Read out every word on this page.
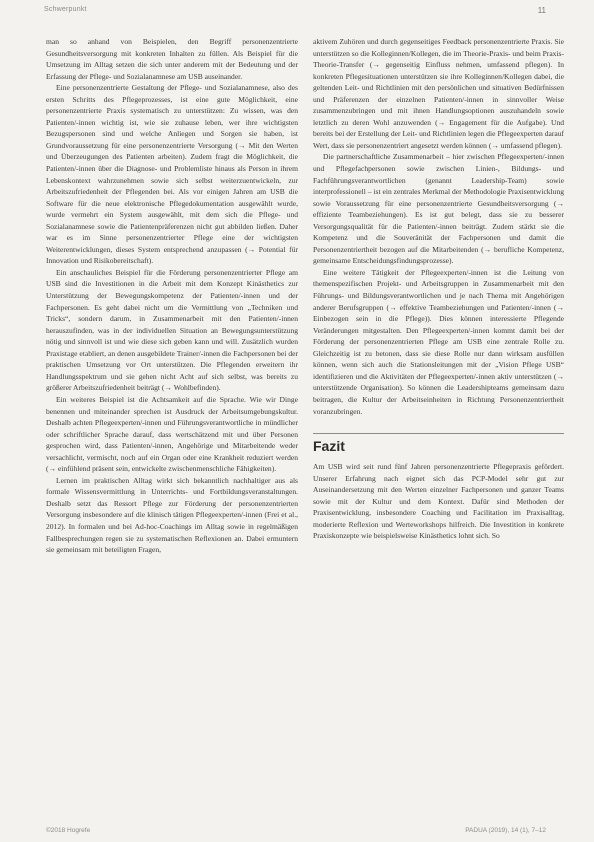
Schwerpunkt	11

man so anhand von Beispielen, den Begriff personenzentrierte Gesundheitsversorgung mit konkreten Inhalten zu füllen. Als Beispiel für die Umsetzung im Alltag setzen die sich unter anderem mit der Bedeutung und der Erfassung der Pflege- und Sozialanamnese am USB auseinander.

Eine personenzentrierte Gestaltung der Pflege- und Sozialanamnese, also des ersten Schritts des Pflegeprozesses, ist eine gute Möglichkeit, eine personenzentrierte Praxis systematisch zu unterstützen: Zu wissen, was den Patienten/-innen wichtig ist, wie sie zuhause leben, wer ihre wichtigsten Bezugspersonen sind und welche Anliegen und Sorgen sie haben, ist Grundvoraussetzung für eine personenzentrierte Versorgung (→ Mit den Werten und Überzeugungen des Patienten arbeiten). Zudem fragt die Möglichkeit, die Patienten/-innen über die Diagnose- und Problemliste hinaus als Person in ihrem Lebenskontext wahrzunehmen sowie sich selbst weiterzuentwickeln, zur Arbeitszufriedenheit der Pflegenden bei. Als vor einigen Jahren am USB die Software für die neue elektronische Pflegedokumentation ausgewählt wurde, wurde vermehrt ein System ausgewählt, mit dem sich die Pflege- und Sozialanamnese sowie die Patientenpräferenzen nicht gut abbilden ließen. Daher war es im Sinne personenzentrierter Pflege eine der wichtigsten Weiterentwicklungen, dieses System entsprechend anzupassen (→ Potential für Innovation und Risikobereitschaft).

Ein anschauliches Beispiel für die Förderung personenzentrierter Pflege am USB sind die Investitionen in die Arbeit mit dem Konzept Kinästhetics zur Unterstützung der Bewegungskompetenz der Patienten/-innen und der Fachpersonen. Es geht dabei nicht um die Vermittlung von „Techniken und Tricks“, sondern darum, in Zusammenarbeit mit den Patienten/-innen herauszufinden, was in der individuellen Situation an Bewegungsunterstützung nötig und sinnvoll ist und wie diese sich geben kann und will. Zusätzlich wurden Praxistage etabliert, an denen ausgebildete Trainer/-innen die Fachpersonen bei der praktischen Umsetzung vor Ort unterstützen. Die Pflegenden erweitern ihr Handlungsspektrum und sie gehen nicht Acht auf sich selbst, was bereits zu größerer Arbeitszufriedenheit beiträgt (→ Wohlbefinden).

Ein weiteres Beispiel ist die Achtsamkeit auf die Sprache. Wie wir Dinge benennen und miteinander sprechen ist Ausdruck der Arbeitsumgebungskultur. Deshalb achten Pflegeexperten/-innen und Führungsverantwortliche in mündlicher oder schriftlicher Sprache darauf, dass wertschätzend mit und über Personen gesprochen wird, dass Patienten/-innen, Angehörige und Mitarbeitende weder versachlicht, vermischt, noch auf ein Organ oder eine Krankheit reduziert werden (→ einfühlend präsent sein, entwickelte zwischenmenschliche Fähigkeiten).

Lernen im praktischen Alltag wirkt sich bekanntlich nachhaltiger aus als formale Wissensvermittlung in Unterrichts- und Fortbildungsveranstaltungen. Deshalb setzt das Ressort Pflege zur Förderung der personenzentrierten Versorgung insbesondere auf die klinisch tätigen Pflegeexperten/-innen (Frei et al., 2012). In formalen und bei Ad-hoc-Coachings im Alltag sowie in regelmäßigen Fallbesprechungen regen sie zu systematischen Reflexionen an. Dabei ermuntern sie gemeinsam mit beteiligten Fragen,

aktivem Zuhören und durch gegenseitiges Feedback personenzentrierte Praxis. Sie unterstützen so die Kolleginnen/Kollegen, die im Theorie-Praxis- und beim Praxis-Theorie-Transfer (→ gegenseitig Einfluss nehmen, umfassend pflegen). In konkreten Pflegesituationen unterstützen sie ihre Kolleginnen/Kollegen dabei, die geltenden Leit- und Richtlinien mit den persönlichen und situativen Bedürfnissen und Präferenzen der einzelnen Patienten/-innen in sinnvoller Weise zusammenzubringen und mit ihnen Handlungsoptionen auszuhandeln sowie letztlich zu deren Wohl anzuwenden (→ Engagement für die Aufgabe). Und bereits bei der Erstellung der Leit- und Richtlinien legen die Pflegeexperten darauf Wert, dass sie personenzentriert angesetzt werden können (→ umfassend pflegen).

Die partnerschaftliche Zusammenarbeit – hier zwischen Pflegeexperten/-innen und Pflegefachpersonen sowie zwischen Linien-, Bildungs- und Fachführungsverantwortlichen (genannt Leadership-Team) sowie interprofessionell – ist ein zentrales Merkmal der Methodologie Praxisentwicklung sowie Voraussetzung für eine personenzentrierte Gesundheitsversorgung (→ effiziente Teambeziehungen). Es ist gut belegt, dass sie zu besserer Versorgungsqualität für die Patienten/-innen beiträgt. Zudem stärkt sie die Kompetenz und die Souveränität der Fachpersonen und damit die Personenzentriertheit bezogen auf die Mitarbeitenden (→ berufliche Kompetenz, gemeinsame Entscheidungsfindungsprozesse).

Eine weitere Tätigkeit der Pflegeexperten/-innen ist die Leitung von themenspezifischen Projekt- und Arbeitsgruppen in Zusammenarbeit mit den Führungs- und Bildungsverantwortlichen und je nach Thema mit Angehörigen anderer Berufsgruppen (→ effektive Teambeziehungen und Patienten/-innen (→ Einbezogen sein in die Pflege)). Dies können interessierte Pflegende Veränderungen mitgestalten. Den Pflegeexperten/-innen kommt damit bei der Förderung der personenzentrierten Pflege am USB eine zentrale Rolle zu. Gleichzeitig ist zu betonen, dass sie diese Rolle nur dann wirksam ausfüllen können, wenn sich auch die Stationsleitungen mit der „Vision Pflege USB“ identifizieren und die Aktivitäten der Pflegeexperten/-innen aktiv unterstützen (→ unterstützende Organisation). So können die Leadershipteams gemeinsam dazu beitragen, die Kultur der Arbeitseinheiten in Richtung Personenzentriertheit voranzubringen.

Fazit

Am USB wird seit rund fünf Jahren personenzentrierte Pflegepraxis gefördert. Unserer Erfahrung nach eignet sich das PCP-Model sehr gut zur Auseinandersetzung mit den Werten einzelner Fachpersonen und ganzer Teams sowie mit der Kultur und dem Kontext. Dafür sind Methoden der Praxisentwicklung, insbesondere Coaching und Facilitation im Praxisalltag, moderierte Reflexion und Werteworkshops hilfreich. Die Investition in konkrete Praxiskonzepte wie beispielsweise Kinästhetics lohnt sich. So

©2018 Hogrefe	PADUA (2019), 14 (1), 7–12
